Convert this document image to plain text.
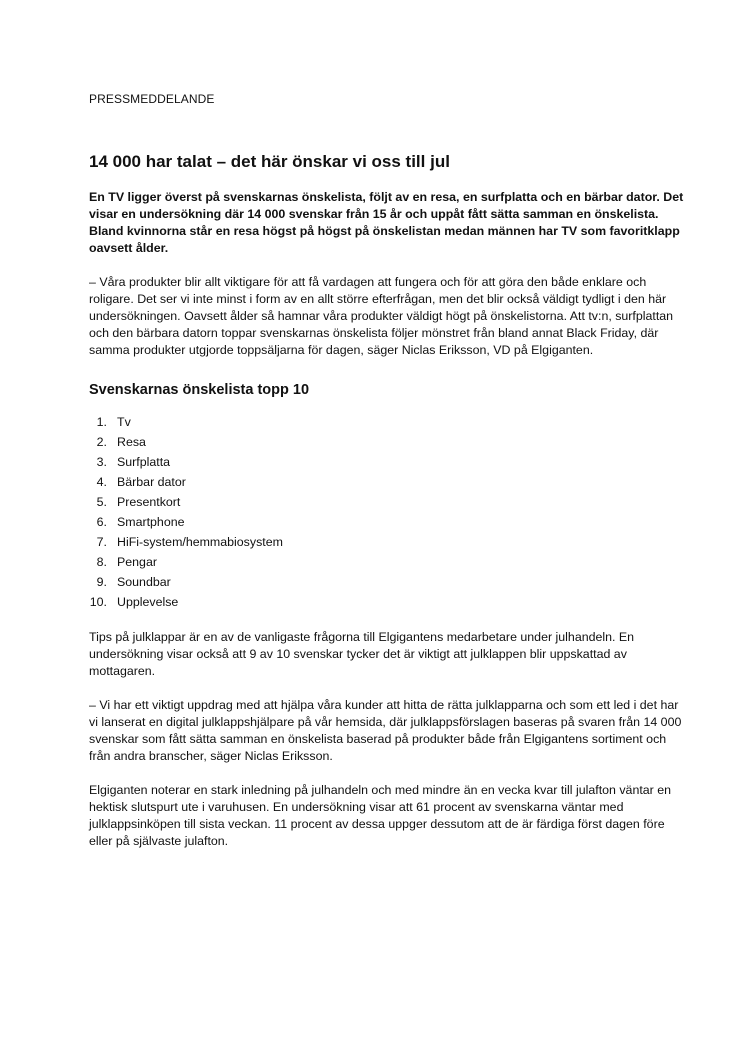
PRESSMEDDELANDE

14 000 har talat – det här önskar vi oss till jul

En TV ligger överst på svenskarnas önskelista, följt av en resa, en surfplatta och en bärbar dator. Det visar en undersökning där 14 000 svenskar från 15 år och uppåt fått sätta samman en önskelista. Bland kvinnorna står en resa högst på högst på önskelistan medan männen har TV som favoritklapp oavsett ålder.

– Våra produkter blir allt viktigare för att få vardagen att fungera och för att göra den både enklare och roligare. Det ser vi inte minst i form av en allt större efterfrågan, men det blir också väldigt tydligt i den här undersökningen. Oavsett ålder så hamnar våra produkter väldigt högt på önskelistorna. Att tv:n, surfplattan och den bärbara datorn toppar svenskarnas önskelista följer mönstret från bland annat Black Friday, där samma produkter utgjorde toppsäljarna för dagen, säger Niclas Eriksson, VD på Elgiganten.

Svenskarnas önskelista topp 10
1. Tv
2. Resa
3. Surfplatta
4. Bärbar dator
5. Presentkort
6. Smartphone
7. HiFi-system/hemmabiosystem
8. Pengar
9. Soundbar
10. Upplevelse

Tips på julklappar är en av de vanligaste frågorna till Elgigantens medarbetare under julhandeln. En undersökning visar också att 9 av 10 svenskar tycker det är viktigt att julklappen blir uppskattad av mottagaren.

– Vi har ett viktigt uppdrag med att hjälpa våra kunder att hitta de rätta julklapparna och som ett led i det har vi lanserat en digital julklappshjälpare på vår hemsida, där julklappsförslagen baseras på svaren från 14 000 svenskar som fått sätta samman en önskelista baserad på produkter både från Elgigantens sortiment och från andra branscher, säger Niclas Eriksson.

Elgiganten noterar en stark inledning på julhandeln och med mindre än en vecka kvar till julafton väntar en hektisk slutspurt ute i varuhusen. En undersökning visar att 61 procent av svenskarna väntar med julklappsinköpen till sista veckan. 11 procent av dessa uppger dessutom att de är färdiga först dagen före eller på självaste julafton.
